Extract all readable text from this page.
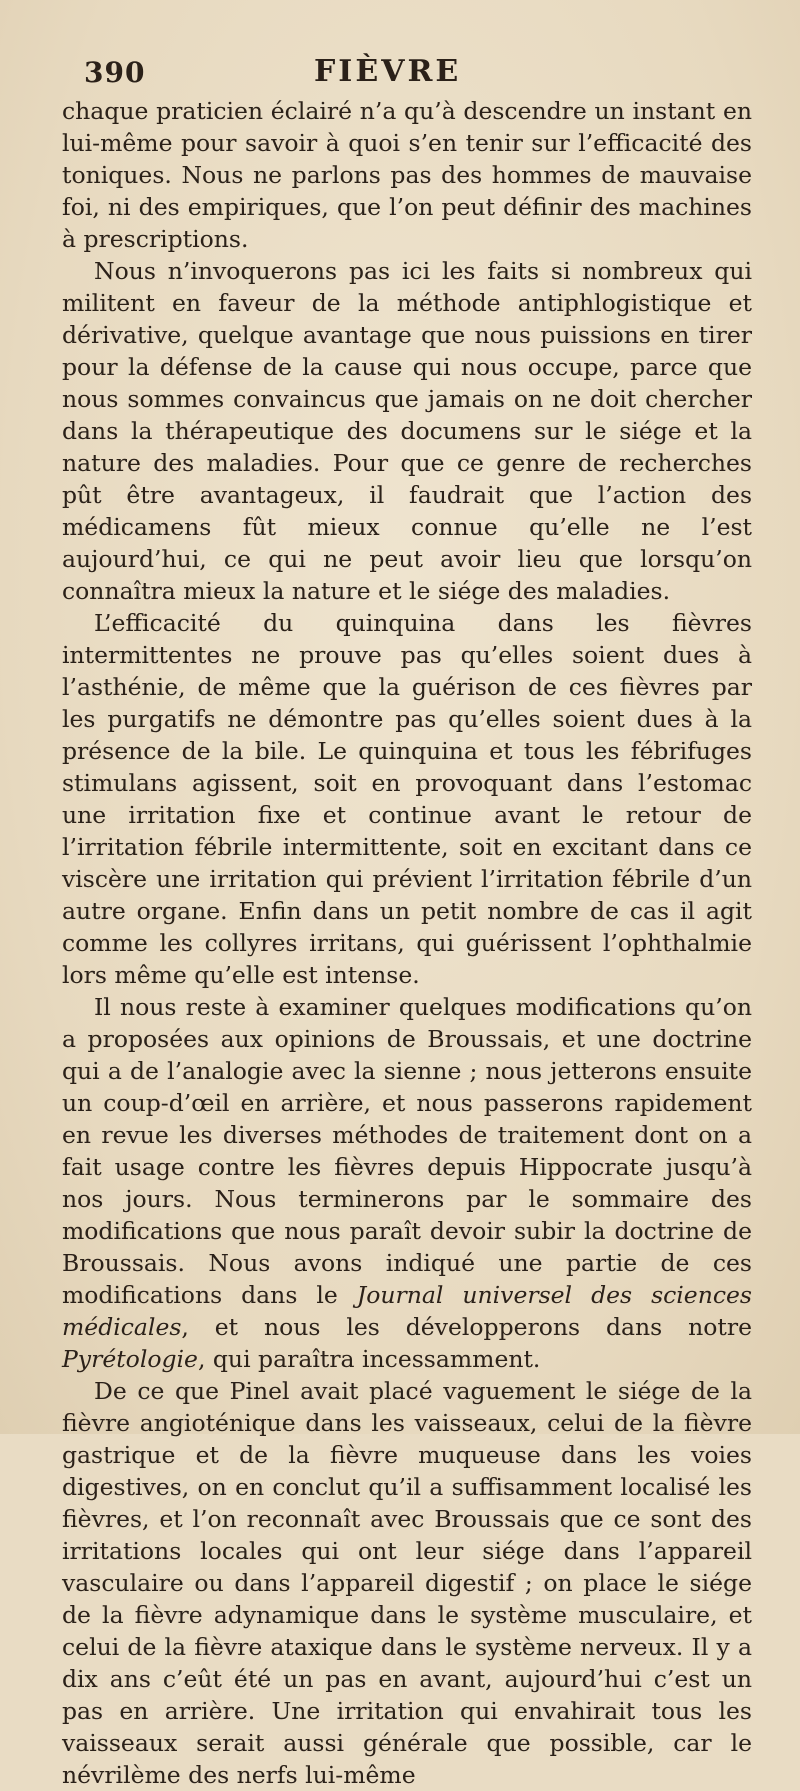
390	FIÈVRE

chaque praticien éclairé n’a qu’à descendre un instant en lui-même pour savoir à quoi s’en tenir sur l’efficacité des toniques. Nous ne parlons pas des hommes de mauvaise foi, ni des empiriques, que l’on peut définir des machines à prescriptions.

Nous n’invoquerons pas ici les faits si nombreux qui militent en faveur de la méthode antiphlogistique et dérivative, quelque avantage que nous puissions en tirer pour la défense de la cause qui nous occupe, parce que nous sommes convaincus que jamais on ne doit chercher dans la thérapeutique des documens sur le siége et la nature des maladies. Pour que ce genre de recherches pût être avantageux, il faudrait que l’action des médicamens fût mieux connue qu’elle ne l’est aujourd’hui, ce qui ne peut avoir lieu que lorsqu’on connaîtra mieux la nature et le siége des maladies.

L’efficacité du quinquina dans les fièvres intermittentes ne prouve pas qu’elles soient dues à l’asthénie, de même que la guérison de ces fièvres par les purgatifs ne démontre pas qu’elles soient dues à la présence de la bile. Le quinquina et tous les fébrifuges stimulans agissent, soit en provoquant dans l’estomac une irritation fixe et continue avant le retour de l’irritation fébrile intermittente, soit en excitant dans ce viscère une irritation qui prévient l’irritation fébrile d’un autre organe. Enfin dans un petit nombre de cas il agit comme les collyres irritans, qui guérissent l’ophthalmie lors même qu’elle est intense.

Il nous reste à examiner quelques modifications qu’on a proposées aux opinions de Broussais, et une doctrine qui a de l’analogie avec la sienne ; nous jetterons ensuite un coup-d’œil en arrière, et nous passerons rapidement en revue les diverses méthodes de traitement dont on a fait usage contre les fièvres depuis Hippocrate jusqu’à nos jours. Nous terminerons par le sommaire des modifications que nous paraît devoir subir la doctrine de Broussais. Nous avons indiqué une partie de ces modifications dans le Journal universel des sciences médicales, et nous les développerons dans notre Pyrétologie, qui paraîtra incessamment.

De ce que Pinel avait placé vaguement le siége de la fièvre angioténique dans les vaisseaux, celui de la fièvre gastrique et de la fièvre muqueuse dans les voies digestives, on en conclut qu’il a suffisamment localisé les fièvres, et l’on reconnaît avec Broussais que ce sont des irritations locales qui ont leur siége dans l’appareil vasculaire ou dans l’appareil digestif ; on place le siége de la fièvre adynamique dans le système musculaire, et celui de la fièvre ataxique dans le système nerveux. Il y a dix ans c’eût été un pas en avant, aujourd’hui c’est un pas en arrière. Une irritation qui envahirait tous les vaisseaux serait aussi générale que possible, car le névrilème des nerfs lui-même
